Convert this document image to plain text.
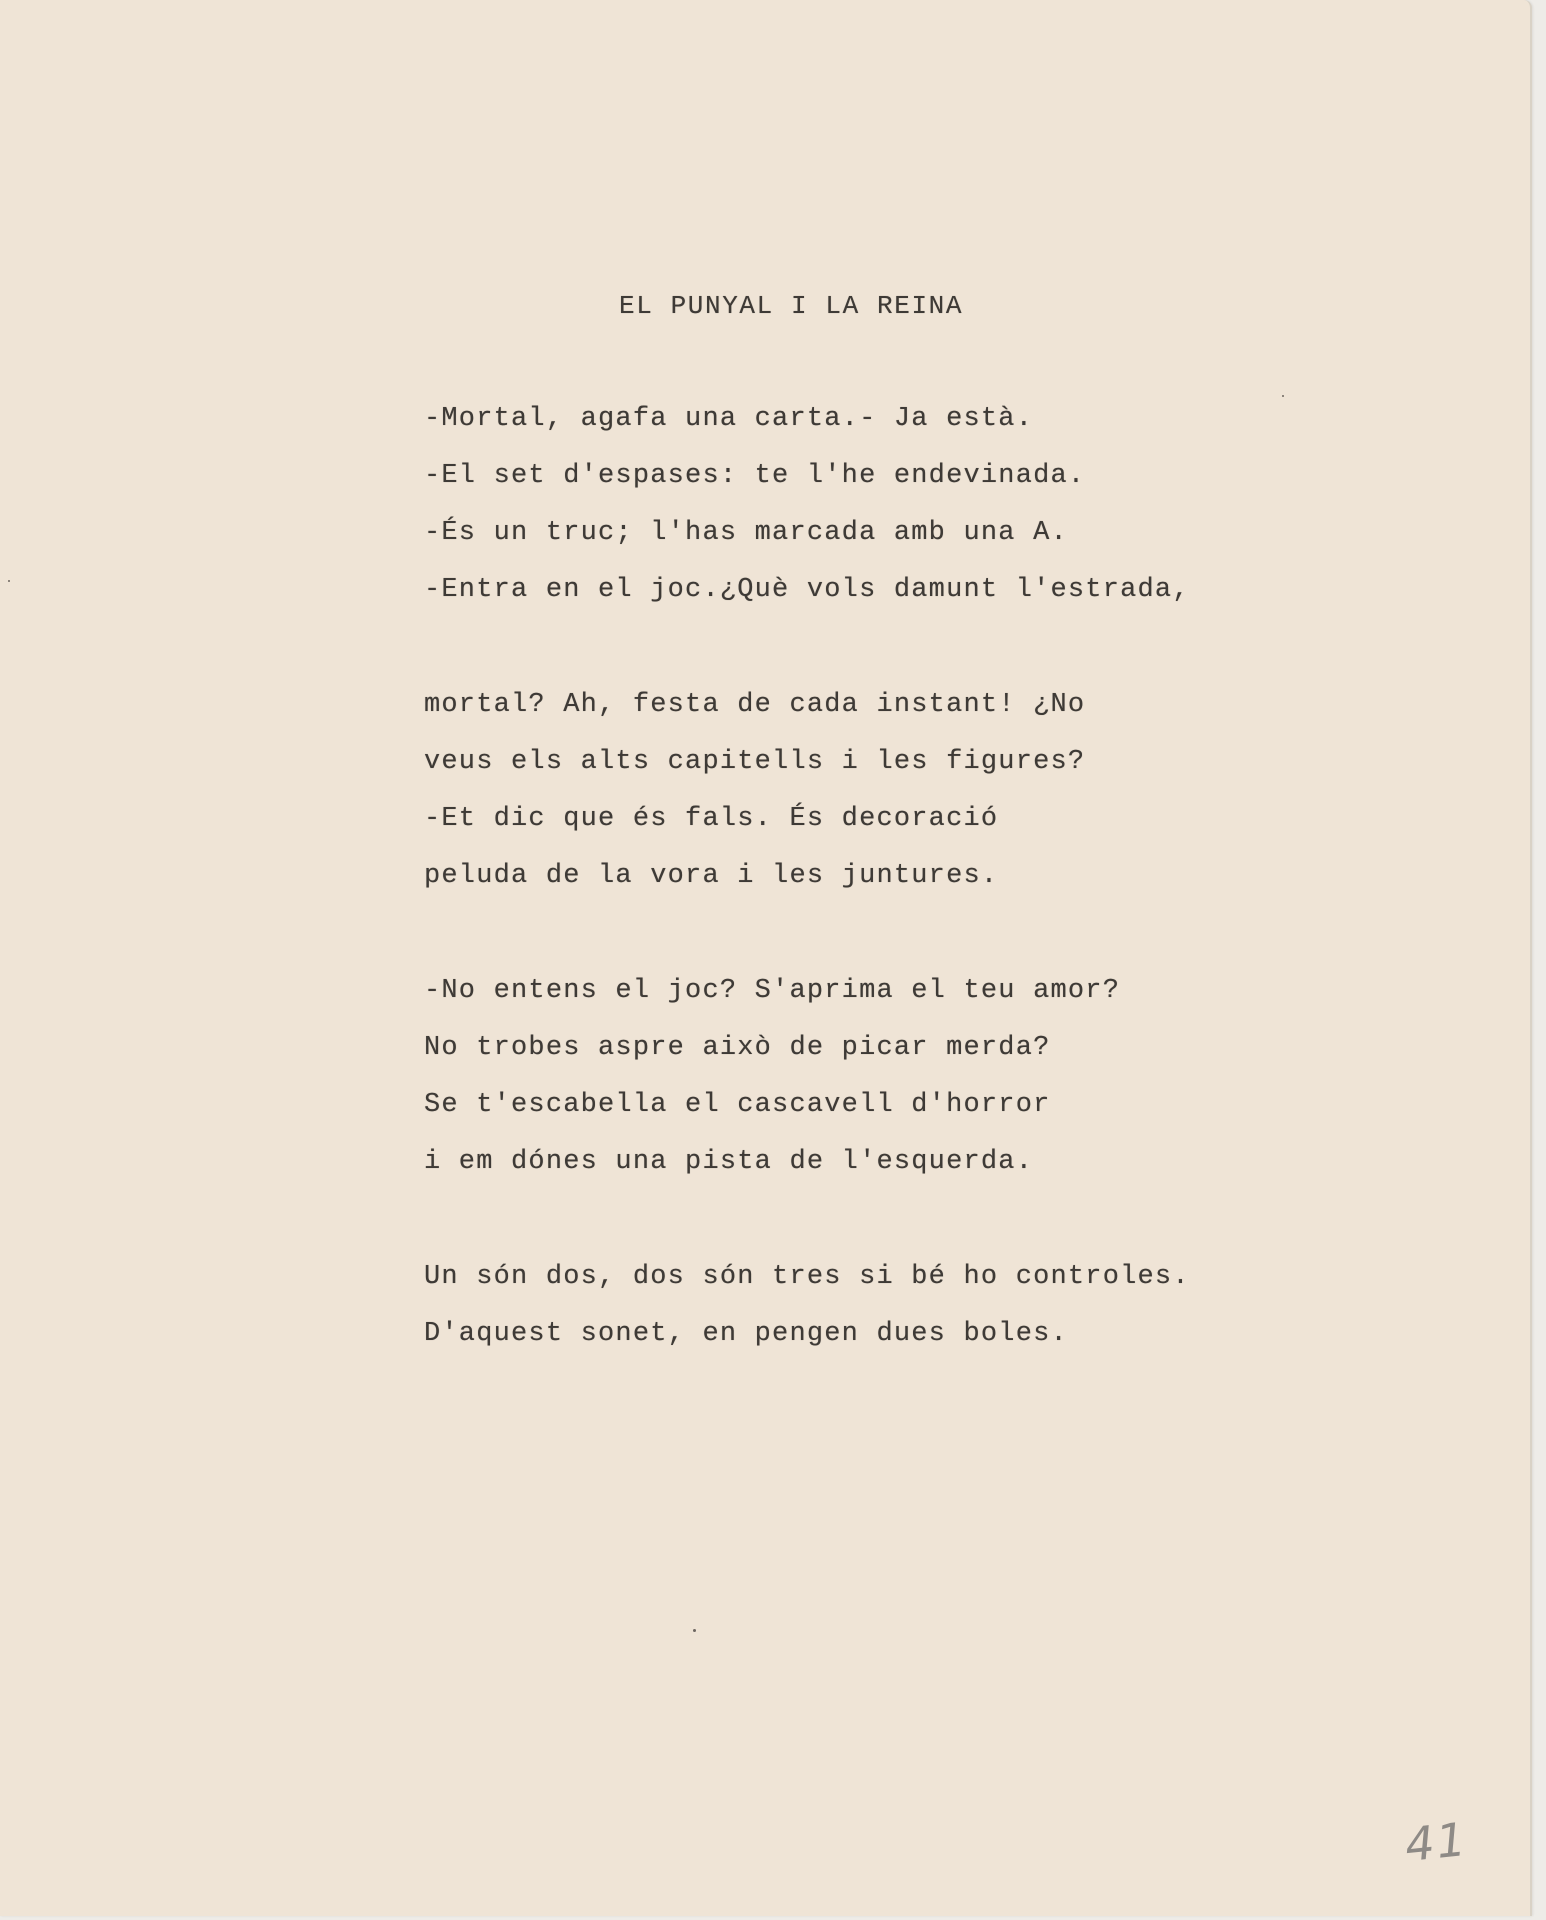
EL PUNYAL I LA REINA
-Mortal, agafa una carta.- Ja està.
-El set d'espases: te l'he endevinada.
-És un truc; l'has marcada amb una A.
-Entra en el joc.¿Què vols damunt l'estrada,
mortal? Ah, festa de cada instant! ¿No
veus els alts capitells i les figures?
-Et dic que és fals. És decoració
peluda de la vora i les juntures.
-No entens el joc? S'aprima el teu amor?
No trobes aspre això de picar merda?
Se t'escabella el cascavell d'horror
i em dónes una pista de l'esquerda.
Un són dos, dos són tres si bé ho controles.
D'aquest sonet, en pengen dues boles.
41
